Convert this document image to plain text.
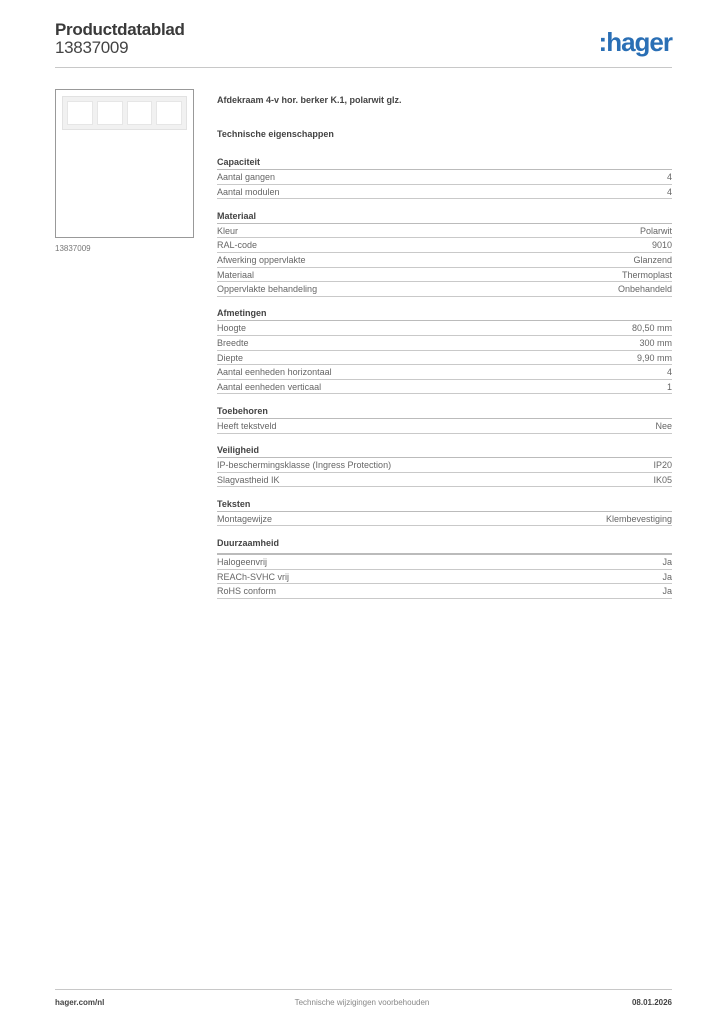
Productdatablad
13837009	:hager
13837009
Afdekraam 4-v hor. berker K.1, polarwit glz.
Technische eigenschappen
Capaciteit
Aantal gangen	4
Aantal modulen	4
Materiaal
Kleur	Polarwit
RAL-code	9010
Afwerking oppervlakte	Glanzend
Materiaal	Thermoplast
Oppervlakte behandeling	Onbehandeld
Afmetingen
Hoogte	80,50 mm
Breedte	300 mm
Diepte	9,90 mm
Aantal eenheden horizontaal	4
Aantal eenheden verticaal	1
Toebehoren
Heeft tekstveld	Nee
Veiligheid
IP-beschermingsklasse (Ingress Protection)	IP20
Slagvastheid IK	IK05
Teksten
Montagewijze	Klembevestiging
Duurzaamheid
Halogeenvrij	Ja
REACh-SVHC vrij	Ja
RoHS conform	Ja
hager.com/nl	Technische wijzigingen voorbehouden	08.01.2026
